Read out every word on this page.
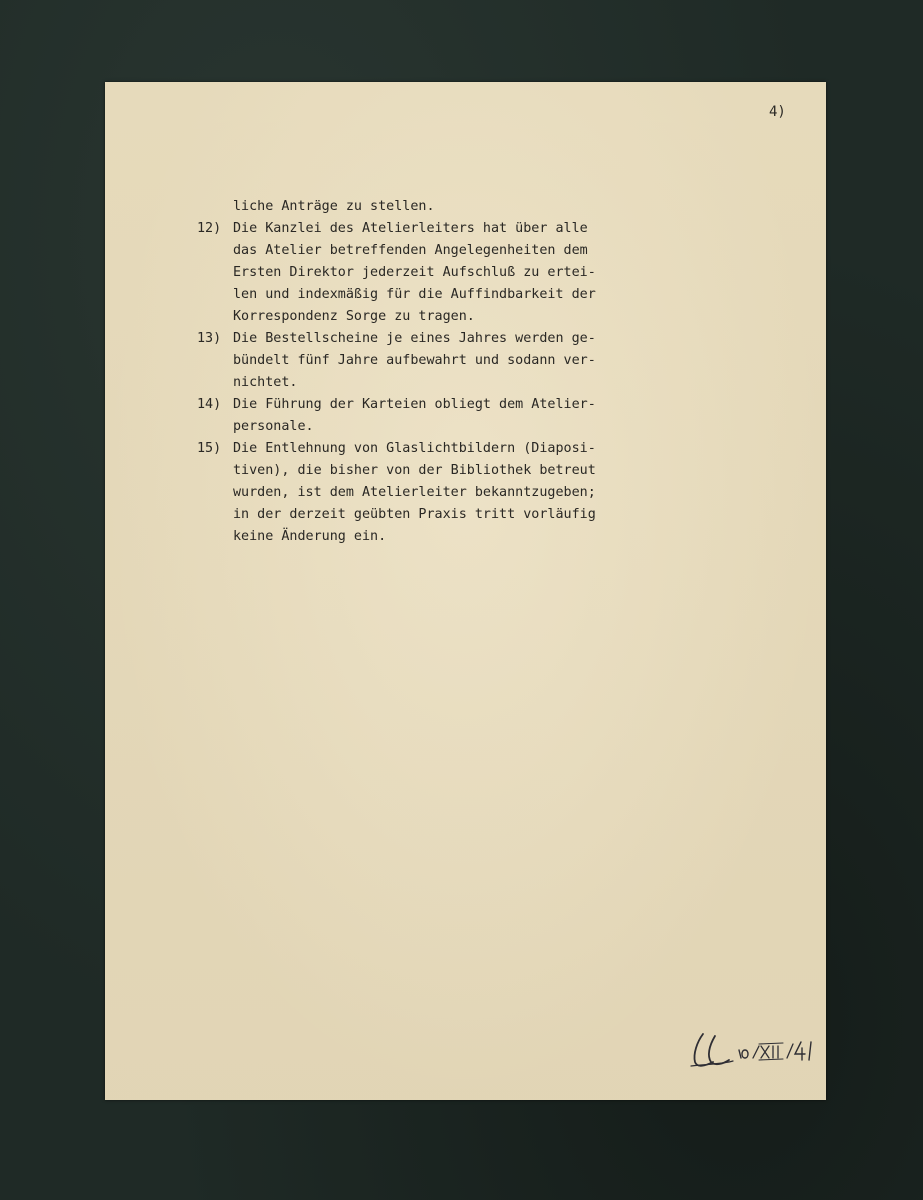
4)
liche Anträge zu stellen.
12) Die Kanzlei des Atelierleiters hat über alle
das Atelier betreffenden Angelegenheiten dem
Ersten Direktor jederzeit Aufschluß zu ertei-
len und indexmäßig für die Auffindbarkeit der
Korrespondenz Sorge zu tragen.
13) Die Bestellscheine je eines Jahres werden ge-
bündelt fünf Jahre aufbewahrt und sodann ver-
nichtet.
14) Die Führung der Karteien obliegt dem Atelier-
personale.
15) Die Entlehnung von Glaslichtbildern (Diaposi-
tiven), die bisher von der Bibliothek betreut
wurden, ist dem Atelierleiter bekanntzugeben;
in der derzeit geübten Praxis tritt vorläufig
keine Änderung ein.
